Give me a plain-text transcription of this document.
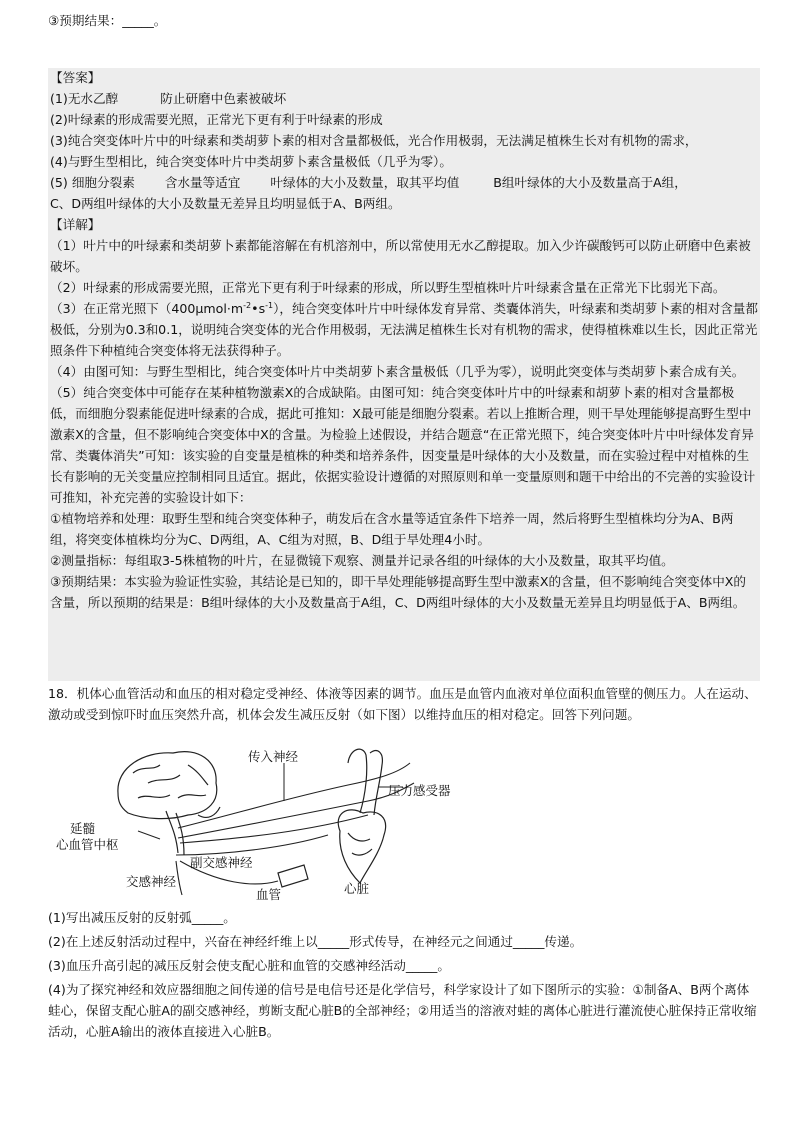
③预期结果：_____。
【答案】
(1)无水乙醇	防止研磨中色素被破坏
(2)叶绿素的形成需要光照，正常光下更有利于叶绿素的形成
(3)纯合突变体叶片中的叶绿素和类胡萝卜素的相对含量都极低，光合作用极弱，无法满足植株生长对有机物的需求，
(4)与野生型相比，纯合突变体叶片中类胡萝卜素含量极低（几乎为零）。
(5) 细胞分裂素 含水量等适宜 叶绿体的大小及数量，取其平均值	B组叶绿体的大小及数量高于A组，
C、D两组叶绿体的大小及数量无差异且均明显低于A、B两组。
【详解】

（1）叶片中的叶绿素和类胡萝卜素都能溶解在有机溶剂中，所以常使用无水乙醇提取。加入少许碳酸钙可以防止研磨中色素被破坏。

（2）叶绿素的形成需要光照，正常光下更有利于叶绿素的形成，所以野生型植株叶片叶绿素含量在正常光下比弱光下高。

（3）在正常光照下$(400\mu mol\cdot m^{-2}•s^{-1})$，纯合突变体叶片中叶绿体发育异常、类囊体消失，叶绿素和类胡萝卜素的相对含量都极低，分别为0.3和0.1，说明纯合突变体的光合作用极弱，无法满足植株生长对有机物的需求，使得植株难以生长，因此正常光照条件下种植纯合突变体将无法获得种子。

（4）由图可知：与野生型相比，纯合突变体叶片中类胡萝卜素含量极低（几乎为零），说明此突变体与类胡萝卜素合成有关。

（5）纯合突变体中可能存在某种植物激素X的合成缺陷。由图可知：纯合突变体叶片中的叶绿素和胡萝卜素的相对含量都极低，而细胞分裂素能促进叶绿素的合成，据此可推知：X最可能是细胞分裂素。若以上推断合理，则干旱处理能够提高野生型中激素X的含量，但不影响纯合突变体中X的含量。为检验上述假设，并结合题意“在正常光照下，纯合突变体叶片中叶绿体发育异常、类囊体消失”可知：该实验的自变量是植株的种类和培养条件，因变量是叶绿体的大小及数量，而在实验过程中对植株的生长有影响的无关变量应控制相同且适宜。据此，依据实验设计遵循的对照原则和单一变量原则和题干中给出的不完善的实验设计可推知，补充完善的实验设计如下：

①植物培养和处理：取野生型和纯合突变体种子，萌发后在含水量等适宜条件下培养一周，然后将野生型植株均分为A、B两组，将突变体植株均分为C、D两组，A、C组为对照，B、D组于旱处理4小时。

②测量指标：每组取3-5株植物的叶片，在显微镜下观察、测量并记录各组的叶绿体的大小及数量，取其平均值。

③预期结果：本实验为验证性实验，其结论是已知的，即干旱处理能够提高野生型中激素X的含量，但不影响纯合突变体中X的含量，所以预期的结果是：B组叶绿体的大小及数量高于A组，C、D两组叶绿体的大小及数量无差异且均明显低于A、B两组。

18．机体心血管活动和血压的相对稳定受神经、体液等因素的调节。血压是血管内血液对单位面积血管壁的侧压力。人在运动、激动或受到惊吓时血压突然升高，机体会发生减压反射（如下图）以维持血压的相对稳定。回答下列问题。

传入神经
压力感受器
延髓
心血管中枢
副交感神经
交感神经
血管	心脏

(1)写出减压反射的反射弧_____。

(2)在上述反射活动过程中，兴奋在神经纤维上以_____形式传导，在神经元之间通过_____传递。

(3)血压升高引起的减压反射会使支配心脏和血管的交感神经活动_____。

(4)为了探究神经和效应器细胞之间传递的信号是电信号还是化学信号，科学家设计了如下图所示的实验：①制备A、B两个离体蛙心，保留支配心脏A的副交感神经，剪断支配心脏B的全部神经；②用适当的溶液对蛙的离体心脏进行灌流使心脏保持正常收缩活动，心脏A输出的液体直接进入心脏B。
